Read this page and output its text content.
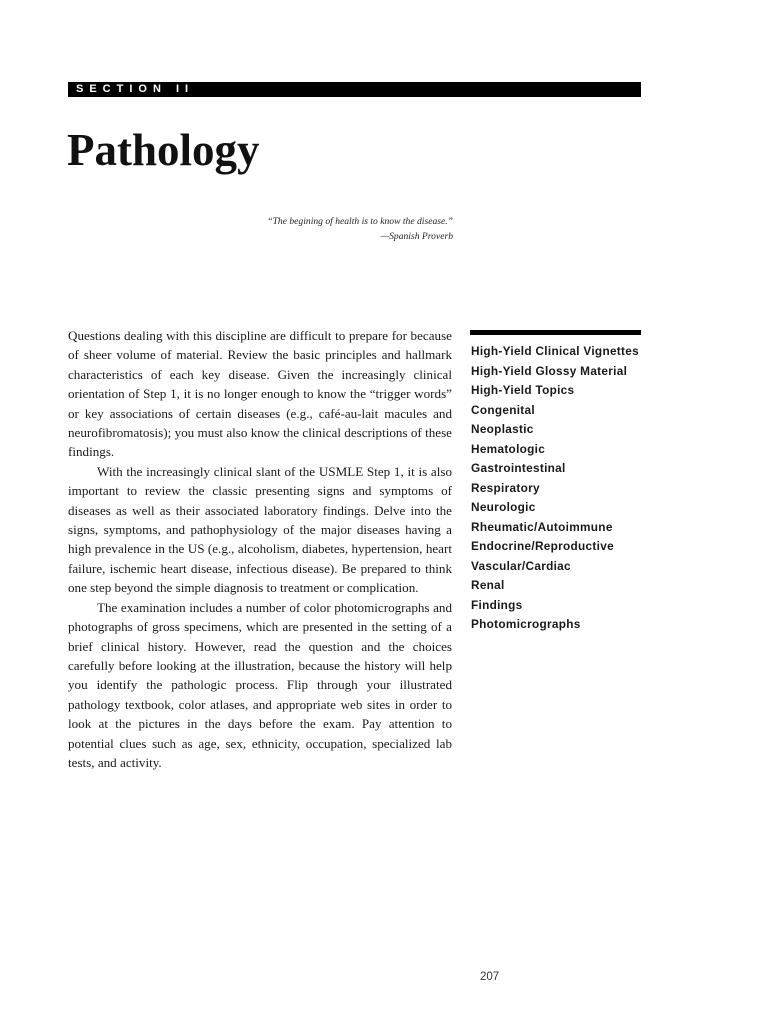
SECTION II
Pathology
“The begining of health is to know the disease.”
—Spanish Proverb

Questions dealing with this discipline are difficult to prepare for because of sheer volume of material. Review the basic principles and hallmark characteristics of each key disease. Given the increasingly clinical orientation of Step 1, it is no longer enough to know the “trigger words” or key associations of certain diseases (e.g., café-au-lait macules and neurofibromatosis); you must also know the clinical descriptions of these findings.

With the increasingly clinical slant of the USMLE Step 1, it is also important to review the classic presenting signs and symptoms of diseases as well as their associated laboratory findings. Delve into the signs, symptoms, and pathophysiology of the major diseases having a high prevalence in the US (e.g., alcoholism, diabetes, hypertension, heart failure, ischemic heart disease, infectious disease). Be prepared to think one step beyond the simple diagnosis to treatment or complication.

The examination includes a number of color photomicrographs and photographs of gross specimens, which are presented in the setting of a brief clinical history. However, read the question and the choices carefully before looking at the illustration, because the history will help you identify the pathologic process. Flip through your illustrated pathology textbook, color atlases, and appropriate web sites in order to look at the pictures in the days before the exam. Pay attention to potential clues such as age, sex, ethnicity, occupation, specialized lab tests, and activity.

High-Yield Clinical Vignettes
High-Yield Glossy Material
High-Yield Topics
Congenital
Neoplastic
Hematologic
Gastrointestinal
Respiratory
Neurologic
Rheumatic/Autoimmune
Endocrine/Reproductive
Vascular/Cardiac
Renal
Findings
Photomicrographs
207
